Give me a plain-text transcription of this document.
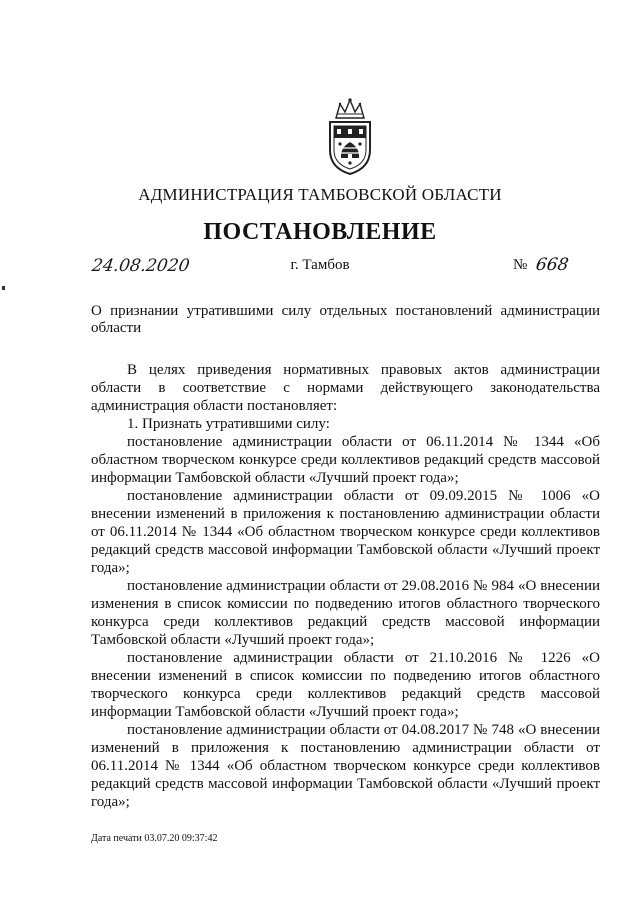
АДМИНИСТРАЦИЯ ТАМБОВСКОЙ ОБЛАСТИ
ПОСТАНОВЛЕНИЕ
24.08.2020	г. Тамбов	№ 668
О признании утратившими силу отдельных постановлений администрации области

В целях приведения нормативных правовых актов администрации области в соответствие с нормами действующего законодательства администрация области постановляет:

1. Признать утратившими силу:

постановление администрации области от 06.11.2014 № 1344 «Об областном творческом конкурсе среди коллективов редакций средств массовой информации Тамбовской области «Лучший проект года»;

постановление администрации области от 09.09.2015 № 1006 «О внесении изменений в приложения к постановлению администрации области от 06.11.2014 № 1344 «Об областном творческом конкурсе среди коллективов редакций средств массовой информации Тамбовской области «Лучший проект года»;

постановление администрации области от 29.08.2016 № 984 «О внесении изменения в список комиссии по подведению итогов областного творческого конкурса среди коллективов редакций средств массовой информации Тамбовской области «Лучший проект года»;

постановление администрации области от 21.10.2016 № 1226 «О внесении изменений в список комиссии по подведению итогов областного творческого конкурса среди коллективов редакций средств массовой информации Тамбовской области «Лучший проект года»;

постановление администрации области от 04.08.2017 № 748 «О внесении изменений в приложения к постановлению администрации области от 06.11.2014 № 1344 «Об областном творческом конкурсе среди коллективов редакций средств массовой информации Тамбовской области «Лучший проект года»;

Дата печати 03.07.20 09:37:42
